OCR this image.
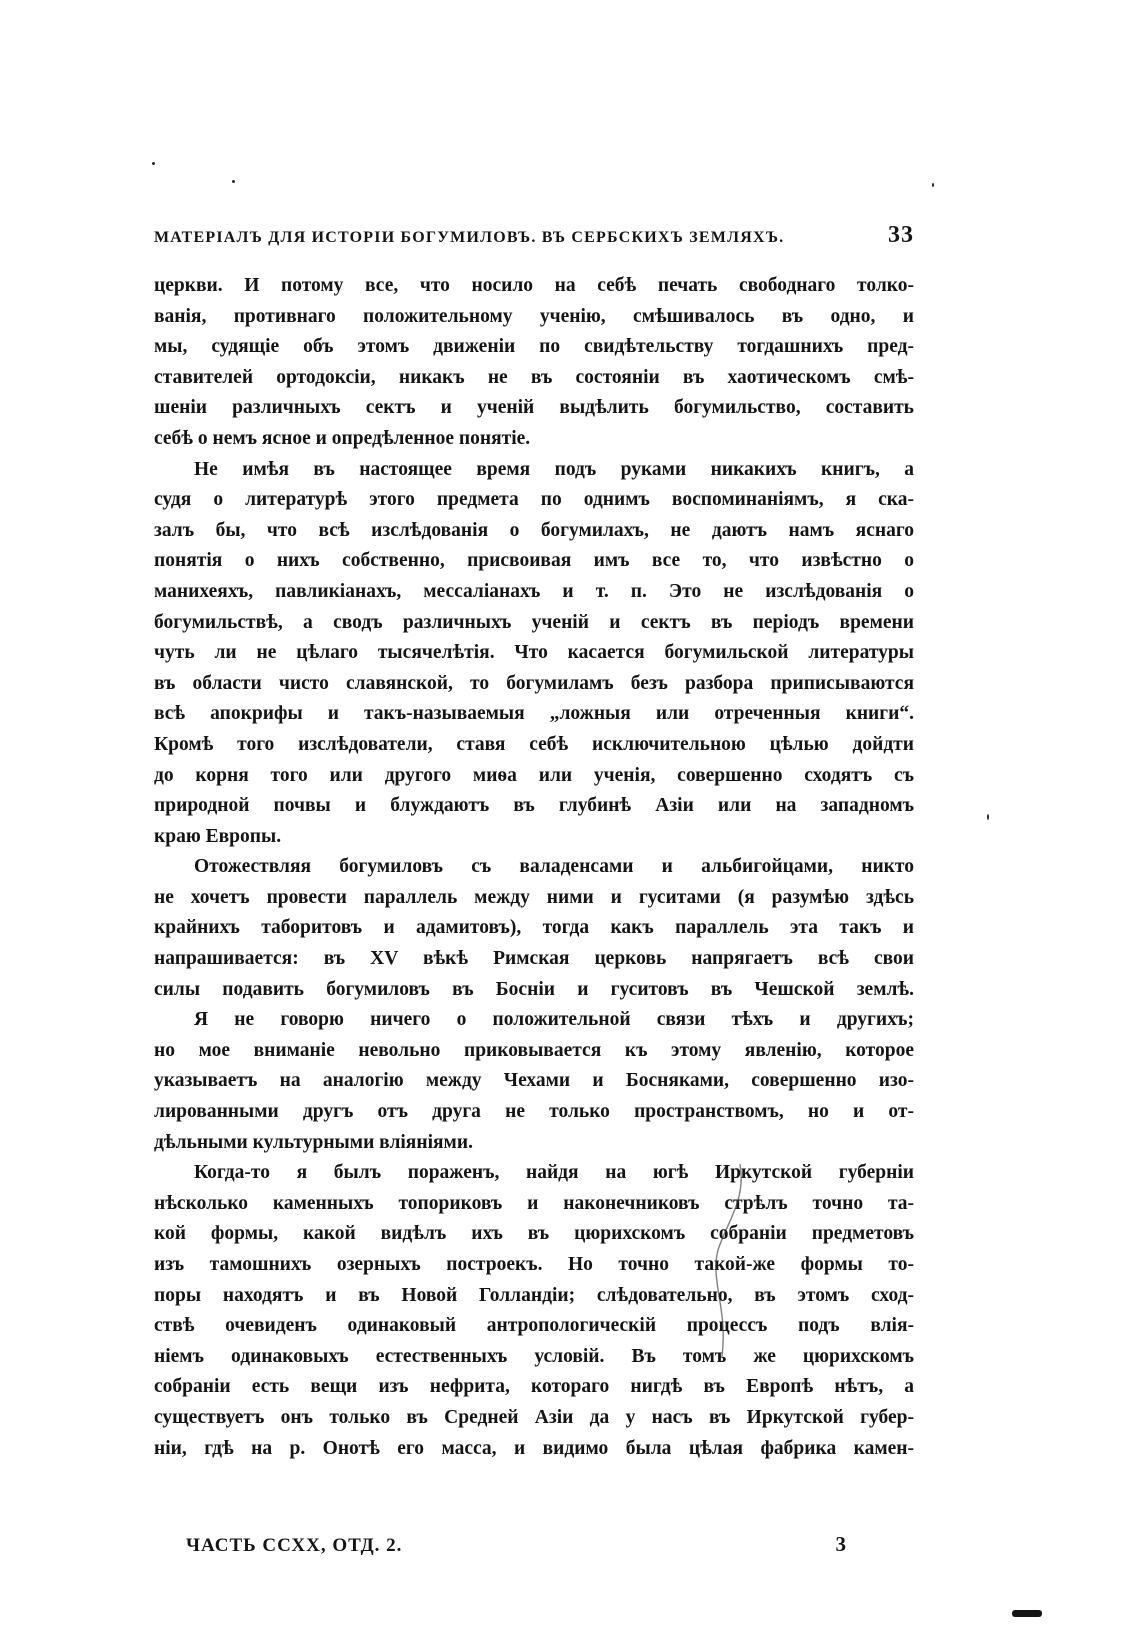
МАТЕРІАЛЪ ДЛЯ ИСТОРІИ БОГУМИЛОВЪ. ВЪ СЕРБСКИХЪ ЗЕМЛЯХЪ.	33
церкви. И потому все, что носило на себѣ печать свободнаго толко-
ванія, противнаго положительному ученію, смѣшивалось въ одно, и
мы, судящіе объ этомъ движеніи по свидѣтельству тогдашнихъ пред-
ставителей ортодоксіи, никакъ не въ состояніи въ хаотическомъ смѣ-
шеніи различныхъ сектъ и ученій выдѣлить богумильство, составить
себѣ о немъ ясное и опредѣленное понятіе.
Не имѣя въ настоящее время подъ руками никакихъ книгъ, а
судя о литературѣ этого предмета по однимъ воспоминаніямъ, я ска-
залъ бы, что всѣ изслѣдованія о богумилахъ, не даютъ намъ яснаго
понятія о нихъ собственно, присвоивая имъ все то, что извѣстно о
манихеяхъ, павликіанахъ, мессаліанахъ и т. п. Это не изслѣдованія о
богумильствѣ, а сводъ различныхъ ученій и сектъ въ періодъ времени
чуть ли не цѣлаго тысячелѣтія. Что касается богумильской литературы
въ области чисто славянской, то богумиламъ безъ разбора приписываются
всѣ апокрифы и такъ-называемыя „ложныя или отреченныя книги“.
Кромѣ того изслѣдователи, ставя себѣ исключительною цѣлью дойдти
до корня того или другого миѳа или ученія, совершенно сходятъ съ
природной почвы и блуждаютъ въ глубинѣ Азіи или на западномъ
краю Европы.
Отожествляя богумиловъ съ валаденсами и альбигойцами, никто
не хочетъ провести параллель между ними и гуситами (я разумѣю здѣсь
крайнихъ таборитовъ и адамитовъ), тогда какъ параллель эта такъ и
напрашивается: въ XV вѣкѣ Римская церковь напрягаетъ всѣ свои
силы подавить богумиловъ въ Босніи и гуситовъ въ Чешской землѣ.
Я не говорю ничего о положительной связи тѣхъ и другихъ;
но мое вниманіе невольно приковывается къ этому явленію, которое
указываетъ на аналогію между Чехами и Босняками, совершенно изо-
лированными другъ отъ друга не только пространствомъ, но и от-
дѣльными культурными вліяніями.
Когда-то я былъ пораженъ, найдя на югѣ Иркутской губерніи
нѣсколько каменныхъ топориковъ и наконечниковъ стрѣлъ точно та-
кой формы, какой видѣлъ ихъ въ цюрихскомъ собраніи предметовъ
изъ тамошнихъ озерныхъ построекъ. Но точно такой-же формы то-
поры находятъ и въ Новой Голландіи; слѣдовательно, въ этомъ сход-
ствѣ очевиденъ одинаковый антропологическій процессъ подъ влія-
ніемъ одинаковыхъ естественныхъ условій. Въ томъ же цюрихскомъ
собраніи есть вещи изъ нефрита, котораго нигдѣ въ Европѣ нѣтъ, а
существуетъ онъ только въ Средней Азіи да у насъ въ Иркутской губер-
ніи, гдѣ на р. Онотѣ его масса, и видимо была цѣлая фабрика камен-
ЧАСТЬ ССХХ, ОТД. 2.	3
